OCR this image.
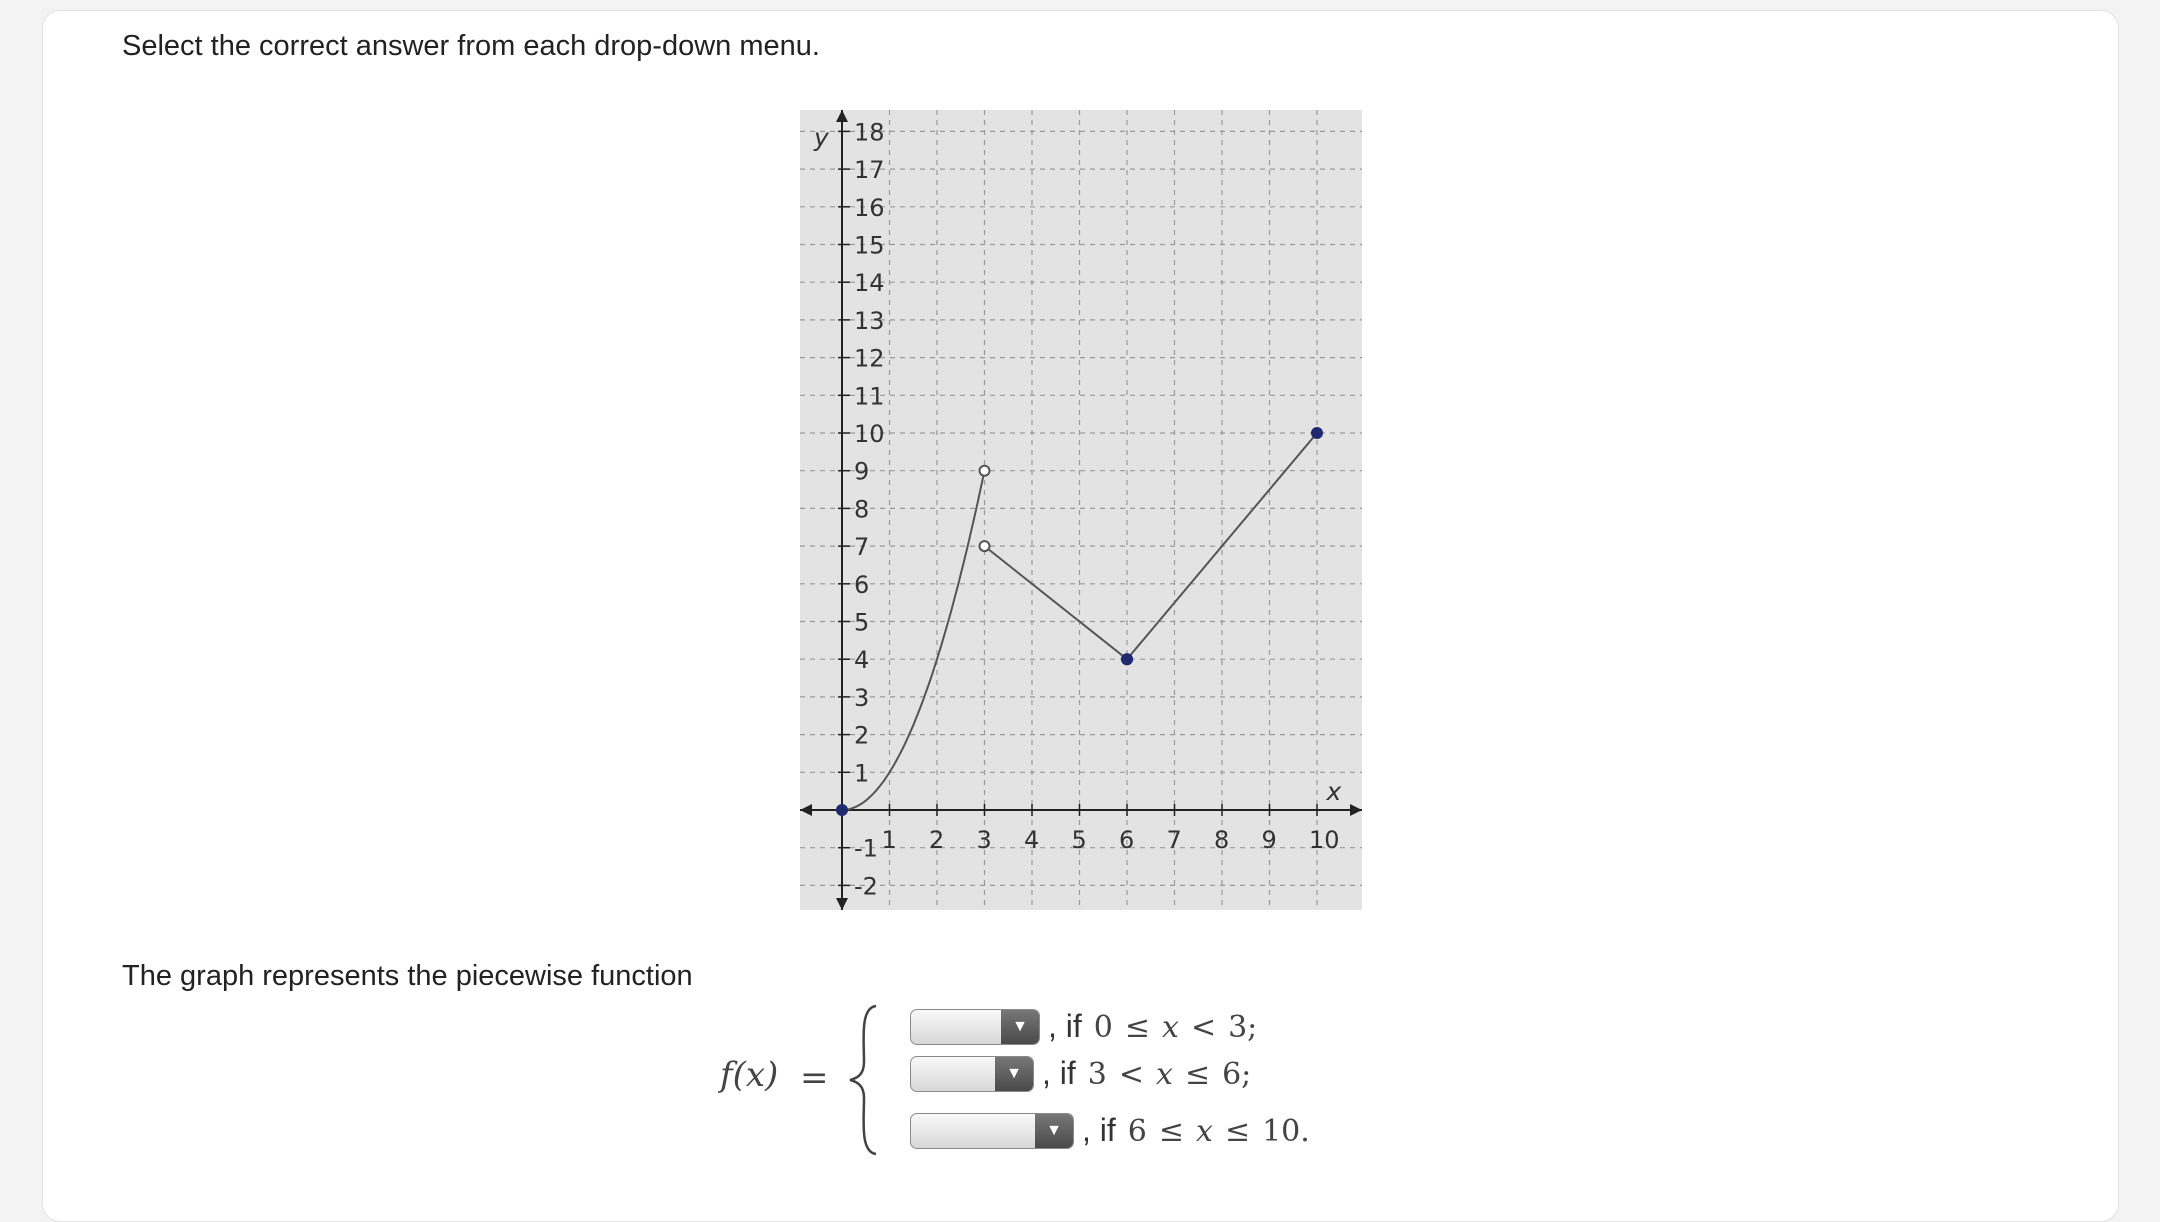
Select the correct answer from each drop-down menu.
18
17
16
15
14
13
12
11
10
9
8
7
6
5
4
3
2
1
-1
-2
1 2 3 4 5 6 7 8 9 10
y
x
The graph represents the piecewise function
f(x) =
▼ , if 0 ≤ x < 3;
▼ , if 3 < x ≤ 6;
▼ , if 6 ≤ x ≤ 10.
